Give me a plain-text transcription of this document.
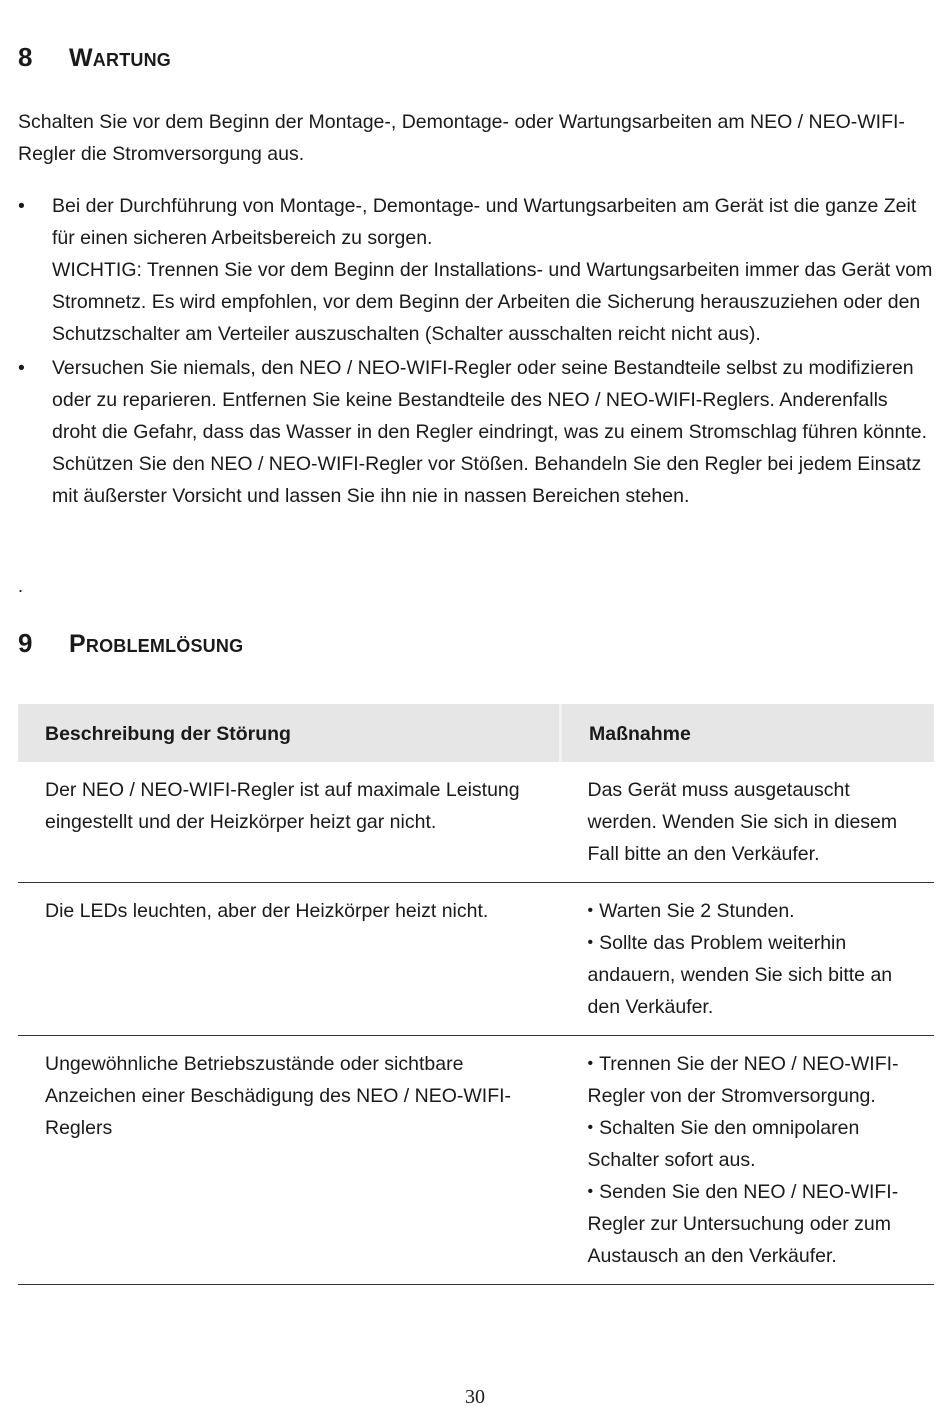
8	Wartung

Schalten Sie vor dem Beginn der Montage-, Demontage- oder Wartungsarbeiten am NEO / NEO-WIFI-Regler die Stromversorgung aus.

•	Bei der Durchführung von Montage-, Demontage- und Wartungsarbeiten am Gerät ist die ganze Zeit für einen sicheren Arbeitsbereich zu sorgen.
WICHTIG: Trennen Sie vor dem Beginn der Installations- und Wartungsarbeiten immer das Gerät vom Stromnetz. Es wird empfohlen, vor dem Beginn der Arbeiten die Sicherung herauszuziehen oder den Schutzschalter am Verteiler auszuschalten (Schalter ausschalten reicht nicht aus).
•	Versuchen Sie niemals, den NEO / NEO-WIFI-Regler oder seine Bestandteile selbst zu modifizieren oder zu reparieren. Entfernen Sie keine Bestandteile des NEO / NEO-WIFI-Reglers. Anderenfalls droht die Gefahr, dass das Wasser in den Regler eindringt, was zu einem Stromschlag führen könnte. Schützen Sie den NEO / NEO-WIFI-Regler vor Stößen. Behandeln Sie den Regler bei jedem Einsatz mit äußerster Vorsicht und lassen Sie ihn nie in nassen Bereichen stehen.
.
9	Problemlösung
Beschreibung der Störung	Maßnahme
Der NEO / NEO-WIFI-Regler ist auf maximale Leistung eingestellt und der Heizkörper heizt gar nicht.	Das Gerät muss ausgetauscht werden. Wenden Sie sich in diesem Fall bitte an den Verkäufer.
Die LEDs leuchten, aber der Heizkörper heizt nicht.	• Warten Sie 2 Stunden.
• Sollte das Problem weiterhin andauern, wenden Sie sich bitte an den Verkäufer.

Ungewöhnliche Betriebszustände oder sichtbare Anzeichen einer Beschädigung des NEO / NEO-WIFI-Reglers	• Trennen Sie der NEO / NEO-WIFI-Regler von der Stromversorgung.
• Schalten Sie den omnipolaren Schalter sofort aus.
• Senden Sie den NEO / NEO-WIFI-Regler zur Untersuchung oder zum Austausch an den Verkäufer.
30
